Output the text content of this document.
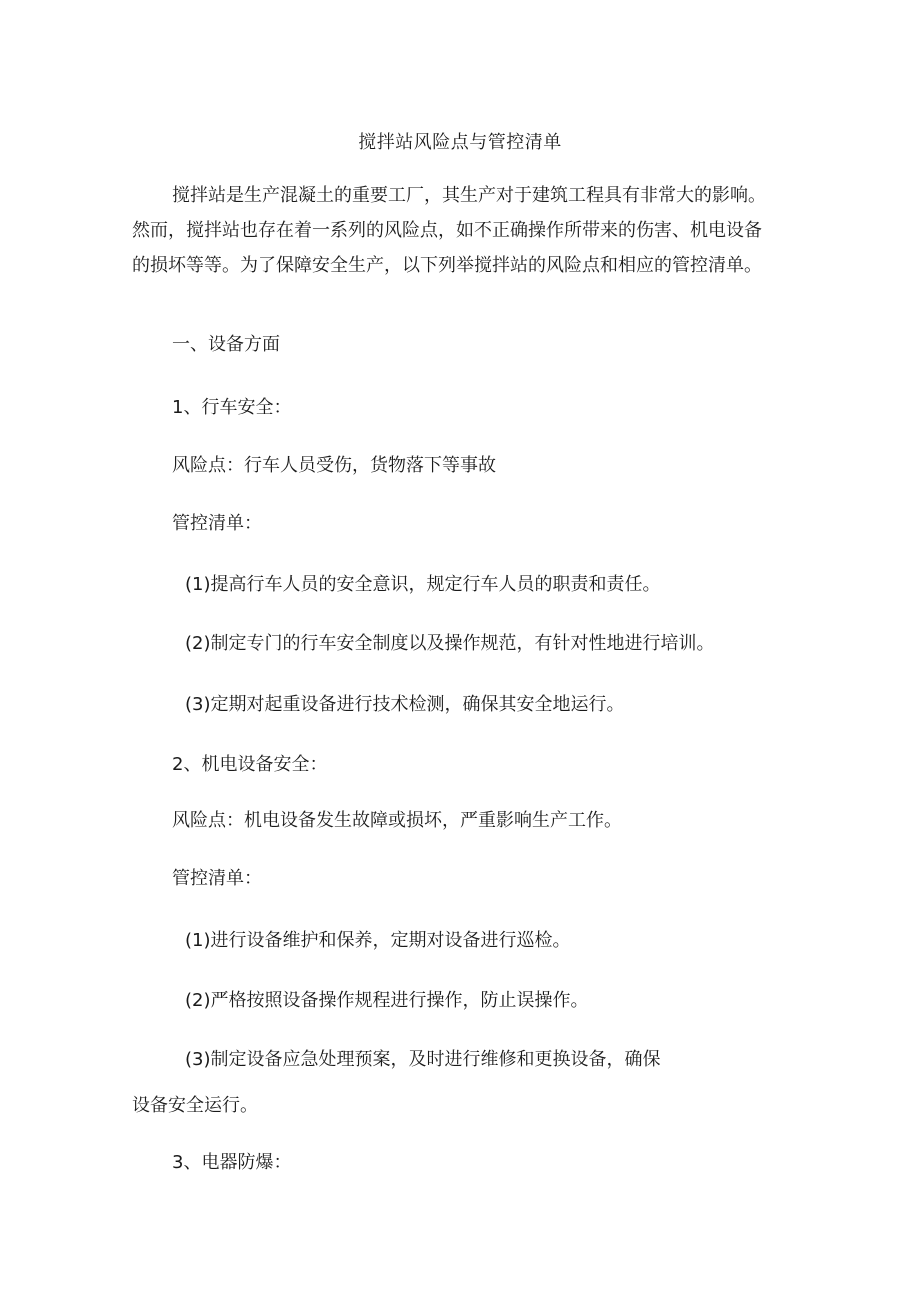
搅拌站风险点与管控清单
搅拌站是生产混凝土的重要工厂，其生产对于建筑工程具有非常大的影响。
然而，搅拌站也存在着一系列的风险点，如不正确操作所带来的伤害、机电设备
的损坏等等。为了保障安全生产，以下列举搅拌站的风险点和相应的管控清单。
一、设备方面
1、行车安全：
风险点：行车人员受伤，货物落下等事故
管控清单：
(1)提高行车人员的安全意识，规定行车人员的职责和责任。
(2)制定专门的行车安全制度以及操作规范，有针对性地进行培训。
(3)定期对起重设备进行技术检测，确保其安全地运行。
2、机电设备安全：
风险点：机电设备发生故障或损坏，严重影响生产工作。
管控清单：
(1)进行设备维护和保养，定期对设备进行巡检。
(2)严格按照设备操作规程进行操作，防止误操作。
(3)制定设备应急处理预案，及时进行维修和更换设备，确保
设备安全运行。
3、电器防爆：
